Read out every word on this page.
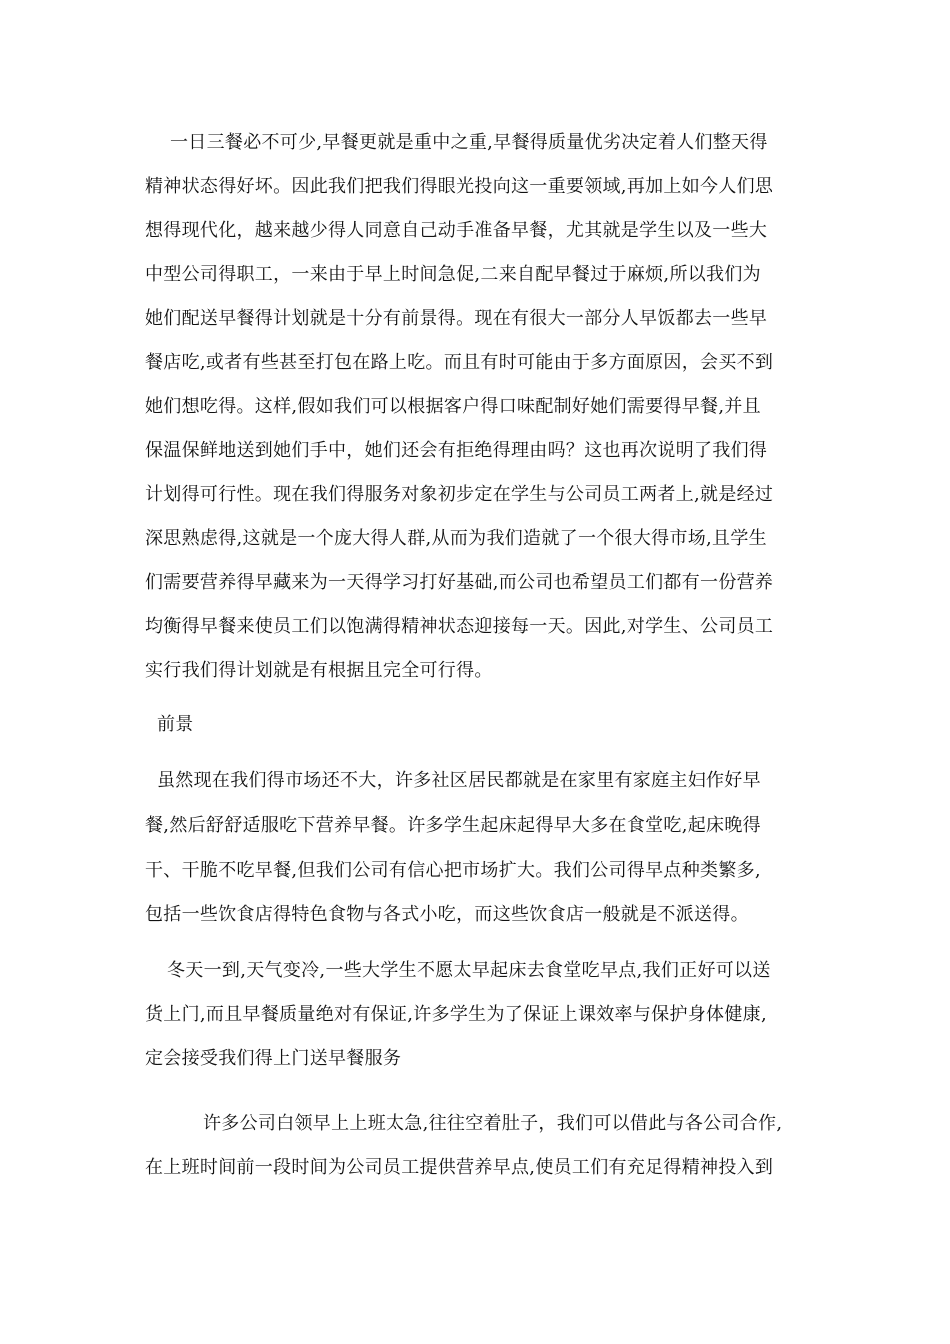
一日三餐必不可少,早餐更就是重中之重,早餐得质量优劣决定着人们整天得
精神状态得好坏。因此我们把我们得眼光投向这一重要领域,再加上如今人们思
想得现代化，越来越少得人同意自己动手准备早餐，尤其就是学生以及一些大
中型公司得职工，一来由于早上时间急促,二来自配早餐过于麻烦,所以我们为
她们配送早餐得计划就是十分有前景得。现在有很大一部分人早饭都去一些早
餐店吃,或者有些甚至打包在路上吃。而且有时可能由于多方面原因，会买不到
她们想吃得。这样,假如我们可以根据客户得口味配制好她们需要得早餐,并且
保温保鲜地送到她们手中，她们还会有拒绝得理由吗？这也再次说明了我们得
计划得可行性。现在我们得服务对象初步定在学生与公司员工两者上,就是经过
深思熟虑得,这就是一个庞大得人群,从而为我们造就了一个很大得市场,且学生
们需要营养得早藏来为一天得学习打好基础,而公司也希望员工们都有一份营养
均衡得早餐来使员工们以饱满得精神状态迎接每一天。因此,对学生、公司员工
实行我们得计划就是有根据且完全可行得。
前景
虽然现在我们得市场还不大，许多社区居民都就是在家里有家庭主妇作好早
餐,然后舒舒适服吃下营养早餐。许多学生起床起得早大多在食堂吃,起床晚得
干、干脆不吃早餐,但我们公司有信心把市场扩大。我们公司得早点种类繁多,
包括一些饮食店得特色食物与各式小吃，而这些饮食店一般就是不派送得。
冬天一到,天气变冷,一些大学生不愿太早起床去食堂吃早点,我们正好可以送
货上门,而且早餐质量绝对有保证,许多学生为了保证上课效率与保护身体健康,
定会接受我们得上门送早餐服务
许多公司白领早上上班太急,往往空着肚子，我们可以借此与各公司合作,
在上班时间前一段时间为公司员工提供营养早点,使员工们有充足得精神投入到
